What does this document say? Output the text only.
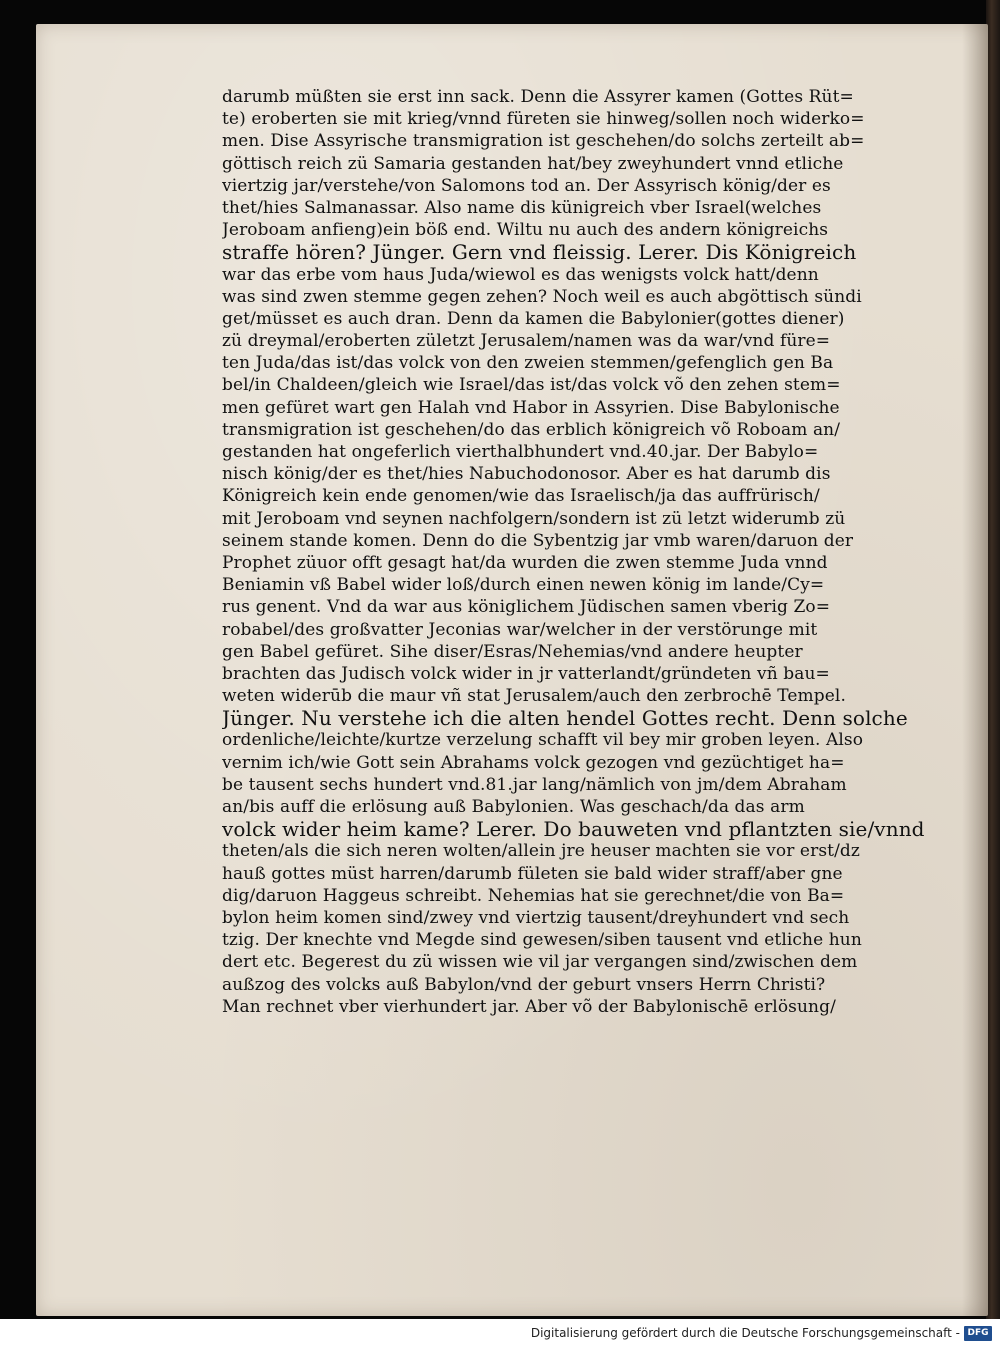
darumb müßten sie erst inn sack. Denn die Assyrer kamen (Gottes Rüt=
te) eroberten sie mit krieg/vnnd füreten sie hinweg/sollen noch widerko=
men. Dise Assyrische transmigration ist geschehen/do solchs zerteilt ab=
göttisch reich zü Samaria gestanden hat/bey zweyhundert vnnd etliche
viertzig jar/verstehe/von Salomons tod an. Der Assyrisch könig/der es
thet/hies Salmanassar. Also name dis künigreich vber Israel(welches
Jeroboam anfieng)ein böß end. Wiltu nu auch des andern königreichs
straffe hören? Jünger. Gern vnd fleissig. Lerer. Dis Königreich
war das erbe vom haus Juda/wiewol es das wenigsts volck hatt/denn
was sind zwen stemme gegen zehen? Noch weil es auch abgöttisch sündi
get/müsset es auch dran. Denn da kamen die Babylonier(gottes diener)
zü dreymal/eroberten zületzt Jerusalem/namen was da war/vnd füre=
ten Juda/das ist/das volck von den zweien stemmen/gefenglich gen Ba
bel/in Chaldeen/gleich wie Israel/das ist/das volck võ den zehen stem=
men gefüret wart gen Halah vnd Habor in Assyrien. Dise Babylonische
transmigration ist geschehen/do das erblich königreich võ Roboam an/
gestanden hat ongeferlich vierthalbhundert vnd.40.jar. Der Babylo=
nisch könig/der es thet/hies Nabuchodonosor. Aber es hat darumb dis
Königreich kein ende genomen/wie das Israelisch/ja das auffrürisch/
mit Jeroboam vnd seynen nachfolgern/sondern ist zü letzt widerumb zü
seinem stande komen. Denn do die Sybentzig jar vmb waren/daruon der
Prophet züuor offt gesagt hat/da wurden die zwen stemme Juda vnnd
Beniamin vß Babel wider loß/durch einen newen könig im lande/Cy=
rus genent. Vnd da war aus königlichem Jüdischen samen vberig Zo=
robabel/des großvatter Jeconias war/welcher in der verstörunge mit
gen Babel gefüret. Sihe diser/Esras/Nehemias/vnd andere heupter
brachten das Judisch volck wider in jr vatterlandt/gründeten vñ bau=
weten widerūb die maur vñ stat Jerusalem/auch den zerbrochē Tempel.
Jünger. Nu verstehe ich die alten hendel Gottes recht. Denn solche
ordenliche/leichte/kurtze verzelung schafft vil bey mir groben leyen. Also
vernim ich/wie Gott sein Abrahams volck gezogen vnd gezüchtiget ha=
be tausent sechs hundert vnd.81.jar lang/nämlich von jm/dem Abraham
an/bis auff die erlösung auß Babylonien. Was geschach/da das arm
volck wider heim kame? Lerer. Do bauweten vnd pflantzten sie/vnnd
theten/als die sich neren wolten/allein jre heuser machten sie vor erst/dz
hauß gottes müst harren/darumb fületen sie bald wider straff/aber gne
dig/daruon Haggeus schreibt. Nehemias hat sie gerechnet/die von Ba=
bylon heim komen sind/zwey vnd viertzig tausent/dreyhundert vnd sech
tzig. Der knechte vnd Megde sind gewesen/siben tausent vnd etliche hun
dert etc. Begerest du zü wissen wie vil jar vergangen sind/zwischen dem
außzog des volcks auß Babylon/vnd der geburt vnsers Herrn Christi?
Man rechnet vber vierhundert jar. Aber võ der Babylonischē erlösung/
Digitalisierung gefördert durch die Deutsche Forschungsgemeinschaft - DFG
